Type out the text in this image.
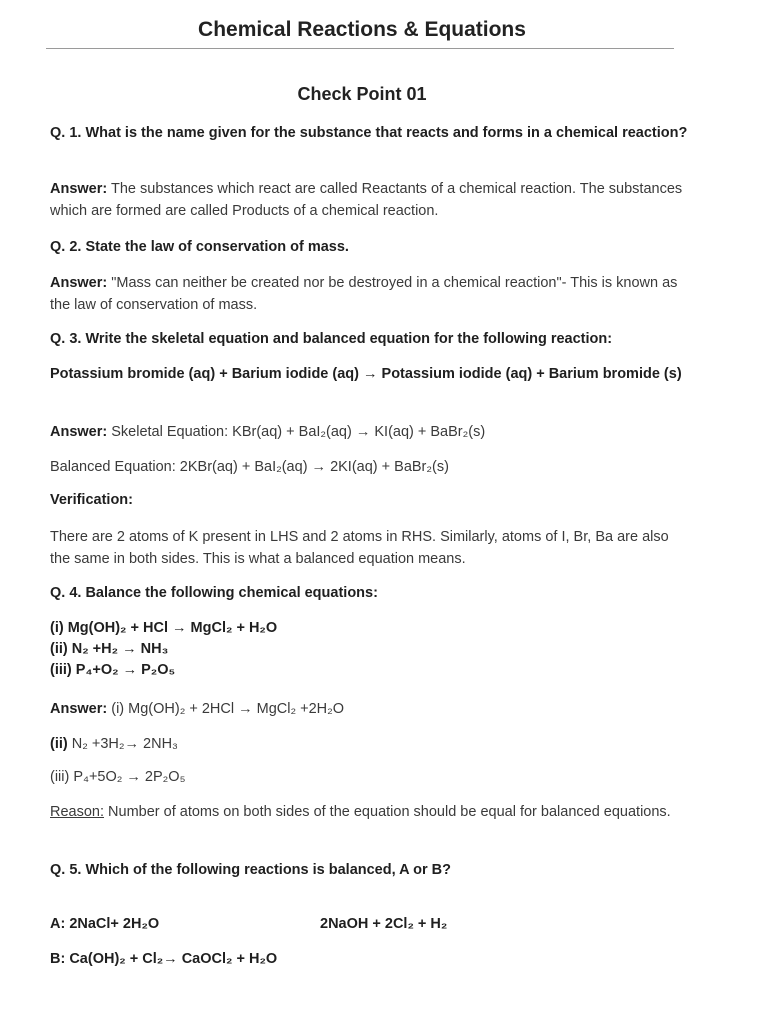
Chemical Reactions & Equations
Check Point 01
Q. 1. What is the name given for the substance that reacts and forms in a chemical reaction?
Answer: The substances which react are called Reactants of a chemical reaction. The substances which are formed are called Products of a chemical reaction.
Q. 2. State the law of conservation of mass.
Answer: "Mass can neither be created nor be destroyed in a chemical reaction"- This is known as the law of conservation of mass.
Q. 3. Write the skeletal equation and balanced equation for the following reaction:
Potassium bromide (aq) + Barium iodide (aq) → Potassium iodide (aq) + Barium bromide (s)
Answer: Skeletal Equation: KBr(aq) + BaI₂(aq) → KI(aq) + BaBr₂(s)
Balanced Equation: 2KBr(aq) + BaI₂(aq) → 2KI(aq) + BaBr₂(s)
Verification:
There are 2 atoms of K present in LHS and 2 atoms in RHS. Similarly, atoms of I, Br, Ba are also the same in both sides. This is what a balanced equation means.
Q. 4. Balance the following chemical equations:
(i) Mg(OH)₂ + HCl → MgCl₂ + H₂O
(ii) N₂ +H₂ → NH₃
(iii) P₄+O₂ → P₂O₅
Answer: (i) Mg(OH)₂ + 2HCl → MgCl₂ +2H₂O
(ii) N₂ +3H₂→ 2NH₃
(iii) P₄+5O₂ → 2P₂O₅
Reason: Number of atoms on both sides of the equation should be equal for balanced equations.
Q. 5. Which of the following reactions is balanced, A or B?
A: 2NaCl+ 2H₂O	2NaOH + 2Cl₂ + H₂
B: Ca(OH)₂ + Cl₂→ CaOCl₂ + H₂O
